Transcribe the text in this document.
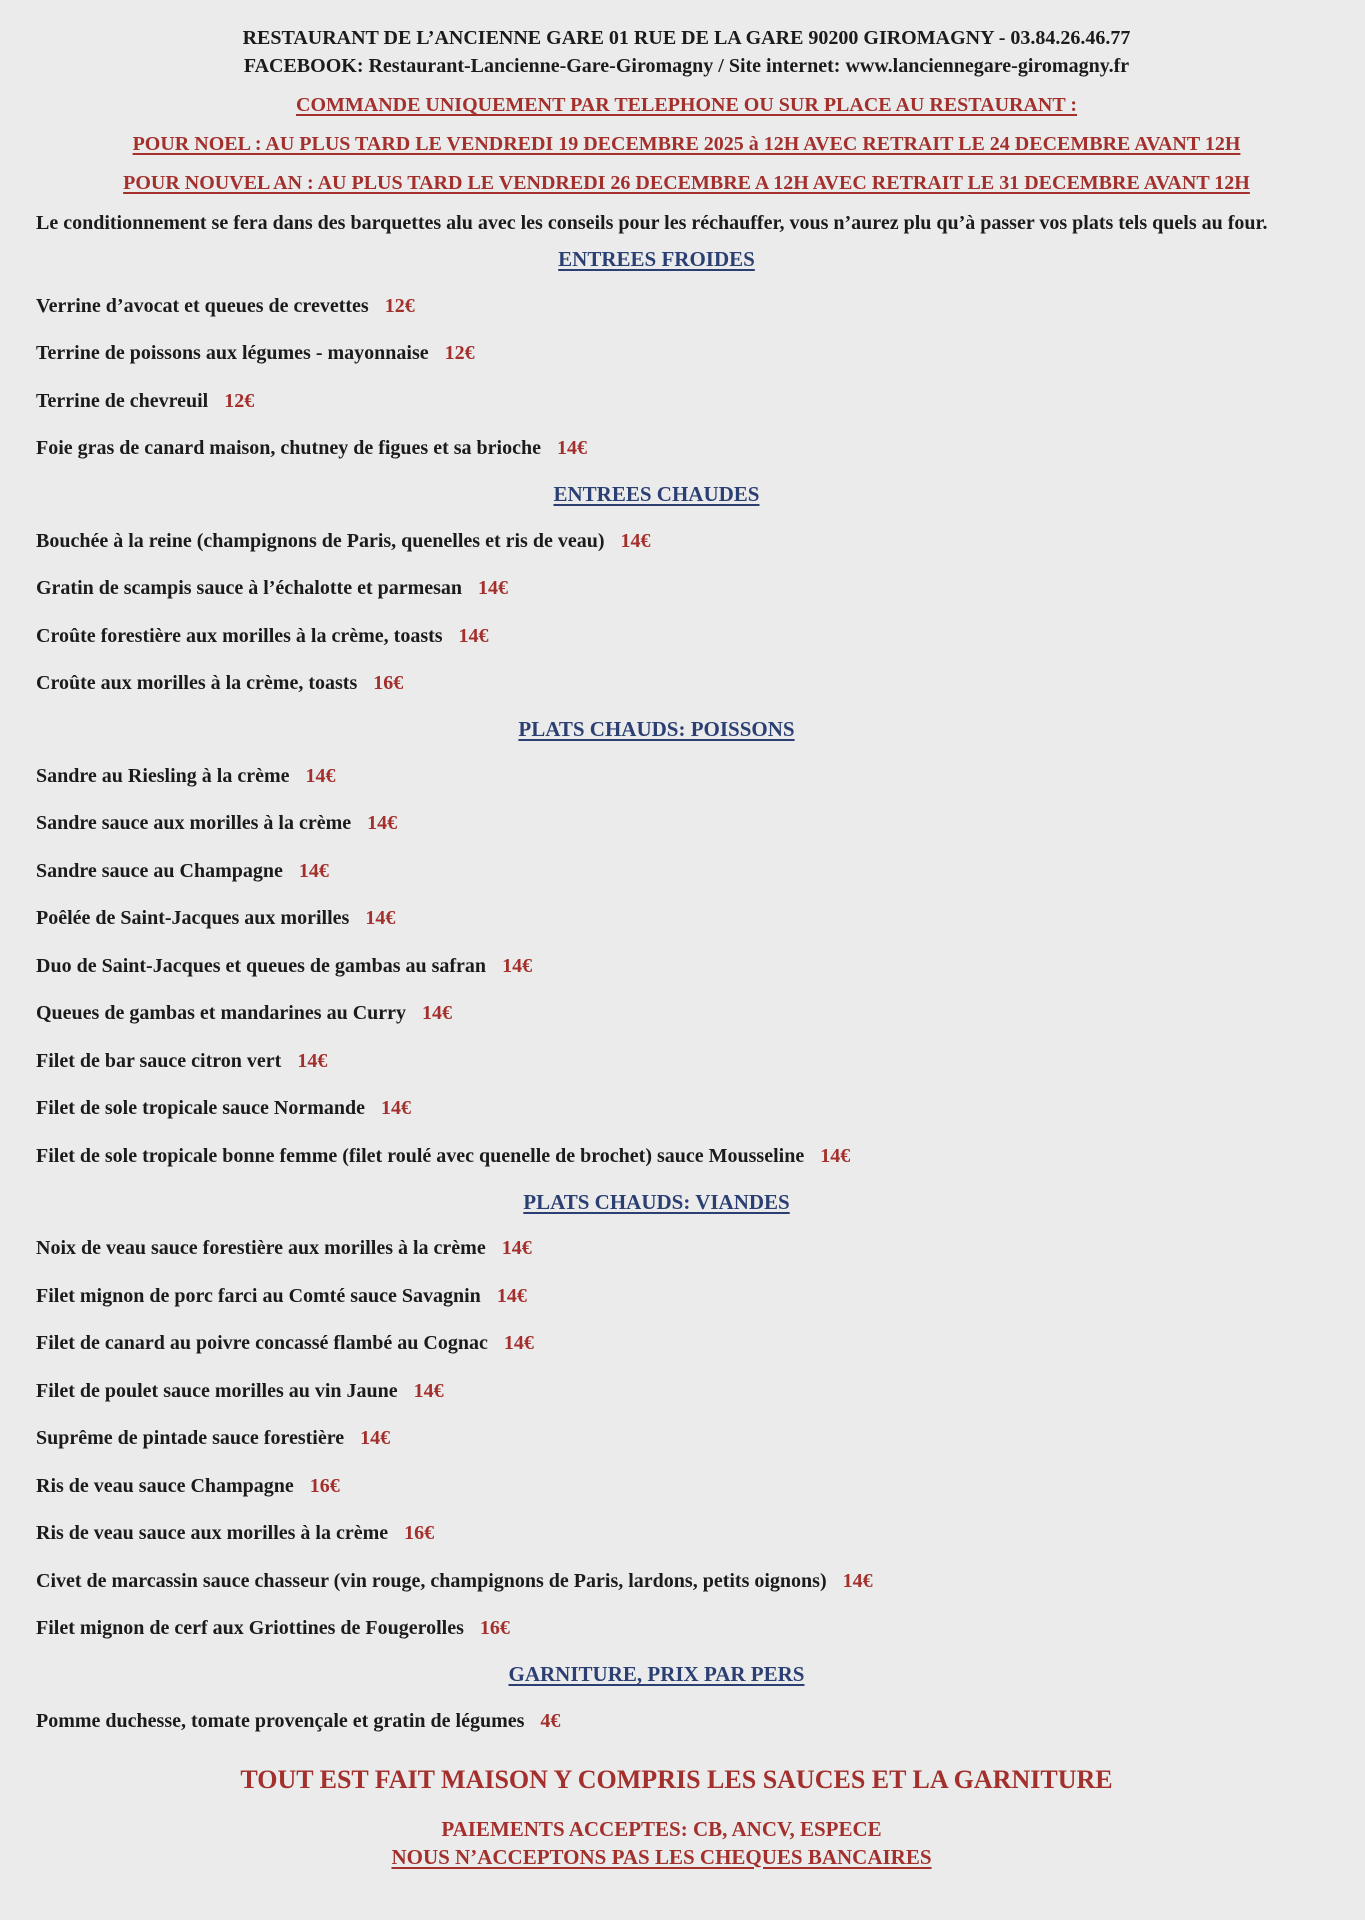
RESTAURANT DE L’ANCIENNE GARE 01 RUE DE LA GARE 90200 GIROMAGNY - 03.84.26.46.77
FACEBOOK: Restaurant-Lancienne-Gare-Giromagny / Site internet: www.lanciennegare-giromagny.fr
COMMANDE UNIQUEMENT PAR TELEPHONE OU SUR PLACE AU RESTAURANT :
POUR NOEL : AU PLUS TARD LE VENDREDI 19 DECEMBRE 2025 à 12H AVEC RETRAIT LE 24 DECEMBRE AVANT 12H
POUR NOUVEL AN : AU PLUS TARD LE VENDREDI 26 DECEMBRE A 12H AVEC RETRAIT LE 31 DECEMBRE AVANT 12H
Le conditionnement se fera dans des barquettes alu avec les conseils pour les réchauffer, vous n’aurez plu qu’à passer vos plats tels quels au four.
ENTREES FROIDES
Verrine d’avocat et queues de crevettes 12€
Terrine de poissons aux légumes - mayonnaise 12€
Terrine de chevreuil 12€
Foie gras de canard maison, chutney de figues et sa brioche 14€
ENTREES CHAUDES
Bouchée à la reine (champignons de Paris, quenelles et ris de veau) 14€
Gratin de scampis sauce à l’échalotte et parmesan 14€
Croûte forestière aux morilles à la crème, toasts 14€
Croûte aux morilles à la crème, toasts 16€
PLATS CHAUDS: POISSONS
Sandre au Riesling à la crème 14€
Sandre sauce aux morilles à la crème 14€
Sandre sauce au Champagne 14€
Poêlée de Saint-Jacques aux morilles 14€
Duo de Saint-Jacques et queues de gambas au safran 14€
Queues de gambas et mandarines au Curry 14€
Filet de bar sauce citron vert 14€
Filet de sole tropicale sauce Normande 14€
Filet de sole tropicale bonne femme (filet roulé avec quenelle de brochet) sauce Mousseline 14€
PLATS CHAUDS: VIANDES
Noix de veau sauce forestière aux morilles à la crème 14€
Filet mignon de porc farci au Comté sauce Savagnin 14€
Filet de canard au poivre concassé flambé au Cognac 14€
Filet de poulet sauce morilles au vin Jaune 14€
Suprême de pintade sauce forestière 14€
Ris de veau sauce Champagne 16€
Ris de veau sauce aux morilles à la crème 16€
Civet de marcassin sauce chasseur (vin rouge, champignons de Paris, lardons, petits oignons) 14€
Filet mignon de cerf aux Griottines de Fougerolles 16€
GARNITURE, PRIX PAR PERS
Pomme duchesse, tomate provençale et gratin de légumes 4€
TOUT EST FAIT MAISON Y COMPRIS LES SAUCES ET LA GARNITURE
PAIEMENTS ACCEPTES: CB, ANCV, ESPECE
NOUS N’ACCEPTONS PAS LES CHEQUES BANCAIRES
